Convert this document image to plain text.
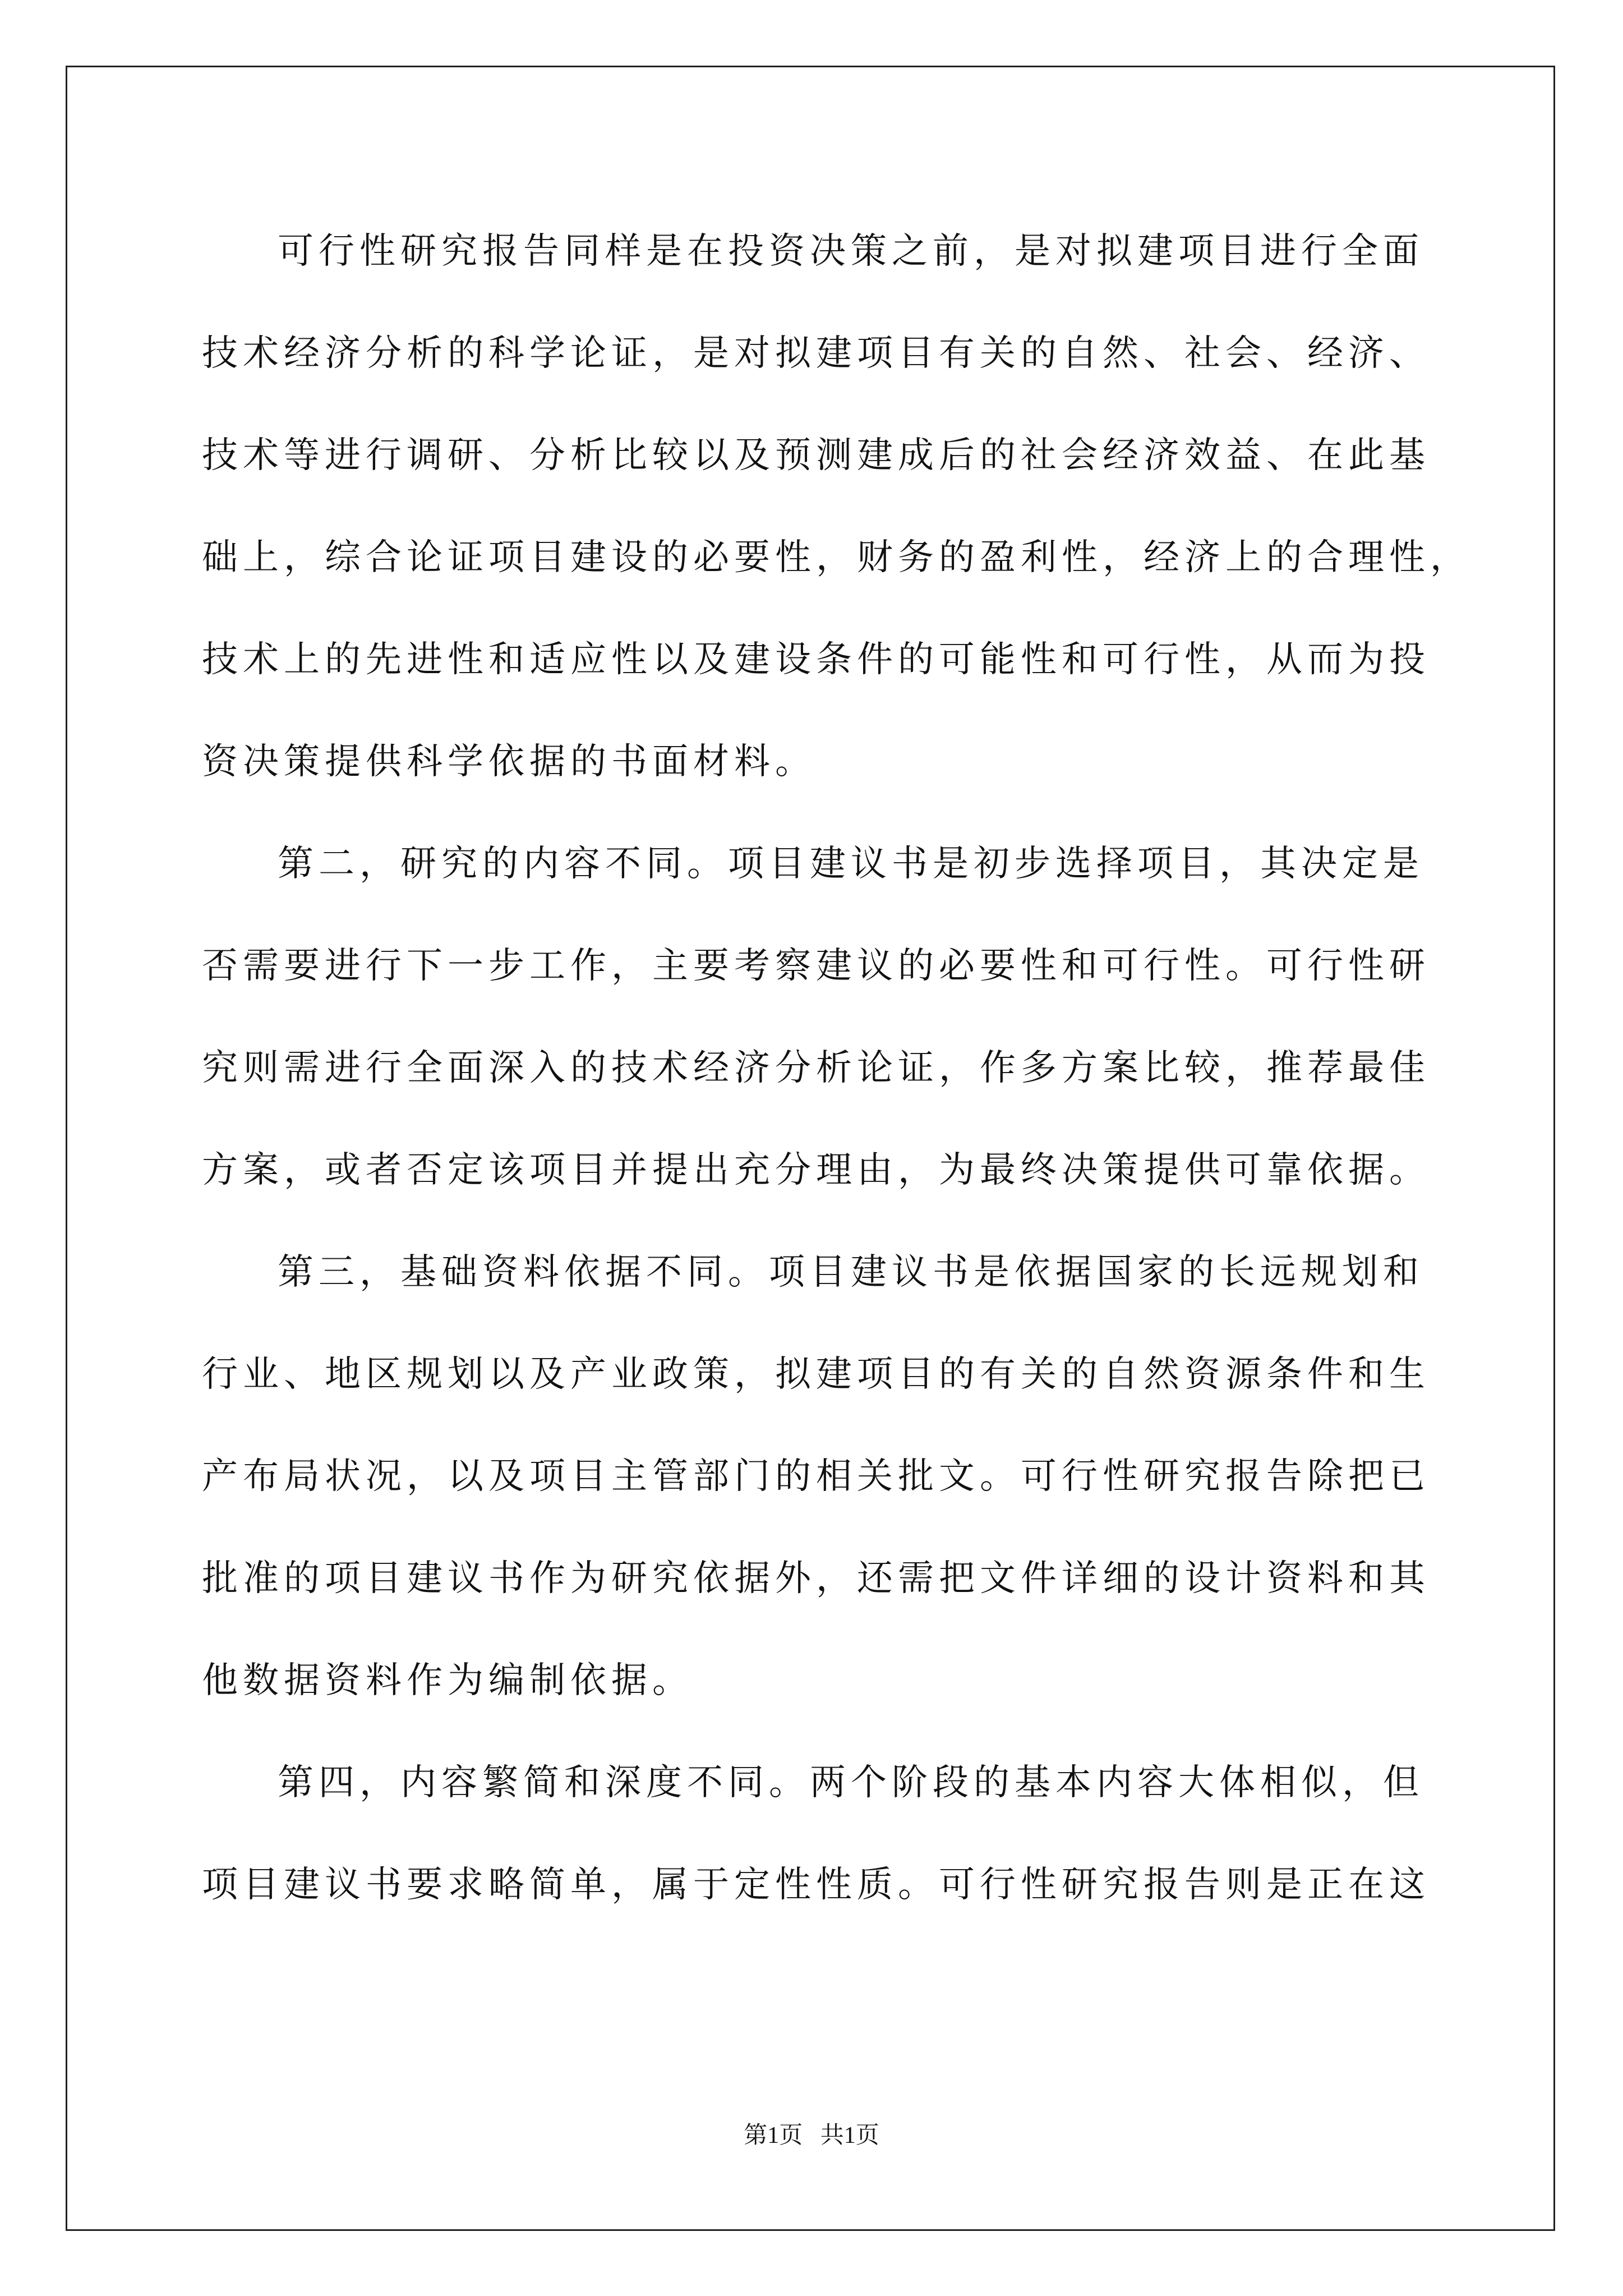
可行性研究报告同样是在投资决策之前，是对拟建项目进行全面
技术经济分析的科学论证，是对拟建项目有关的自然、社会、经济、
技术等进行调研、分析比较以及预测建成后的社会经济效益、在此基
础上，综合论证项目建设的必要性，财务的盈利性，经济上的合理性，
技术上的先进性和适应性以及建设条件的可能性和可行性，从而为投
资决策提供科学依据的书面材料。
第二，研究的内容不同。项目建议书是初步选择项目，其决定是
否需要进行下一步工作，主要考察建议的必要性和可行性。可行性研
究则需进行全面深入的技术经济分析论证，作多方案比较，推荐最佳
方案，或者否定该项目并提出充分理由，为最终决策提供可靠依据。
第三，基础资料依据不同。项目建议书是依据国家的长远规划和
行业、地区规划以及产业政策，拟建项目的有关的自然资源条件和生
产布局状况，以及项目主管部门的相关批文。可行性研究报告除把已
批准的项目建议书作为研究依据外，还需把文件详细的设计资料和其
他数据资料作为编制依据。
第四，内容繁简和深度不同。两个阶段的基本内容大体相似，但
项目建议书要求略简单，属于定性性质。可行性研究报告则是正在这
第1页   共1页
